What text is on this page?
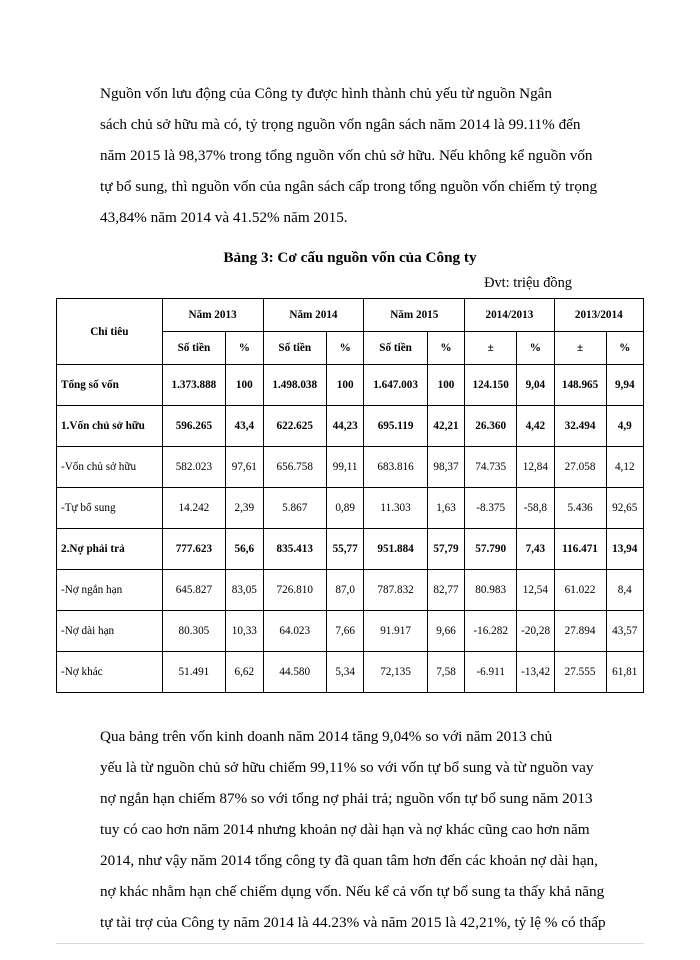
Nguồn vốn lưu động của Công ty được hình thành chủ yếu từ nguồn Ngân
sách chủ sở hữu mà có, tỷ trọng nguồn vốn ngân sách năm 2014 là 99.11% đến
năm 2015 là 98,37% trong tổng nguồn vốn chủ sở hữu. Nếu không kể nguồn vốn
tự bổ sung, thì nguồn vốn của ngân sách cấp trong tổng nguồn vốn chiếm tỷ trọng
43,84% năm 2014 và 41.52% năm 2015.
Bảng 3: Cơ cấu nguồn vốn của Công ty
Đvt: triệu đồng
Chỉ tiêu	Năm 2013		Năm 2014		Năm 2015		2014/2013		2013/2014	
	Số tiền	%	Số tiền	%	Số tiền	%	±	%	±	%
Tổng số vốn	1.373.888	100	1.498.038	100	1.647.003	100	124.150	9,04	148.965	9,94
1.Vốn chủ sở hữu	596.265	43,4	622.625	44,23	695.119	42,21	26.360	4,42	32.494	4,9
-Vốn chủ sở hữu	582.023	97,61	656.758	99,11	683.816	98,37	74.735	12,84	27.058	4,12
-Tự bổ sung	14.242	2,39	5.867	0,89	11.303	1,63	-8.375	-58,8	5.436	92,65
2.Nợ phải trả	777.623	56,6	835.413	55,77	951.884	57,79	57.790	7,43	116.471	13,94
-Nợ ngắn hạn	645.827	83,05	726.810	87,0	787.832	82,77	80.983	12,54	61.022	8,4
-Nợ dài hạn	80.305	10,33	64.023	7,66	91.917	9,66	-16.282	-20,28	27.894	43,57
-Nợ khác	51.491	6,62	44.580	5,34	72,135	7,58	-6.911	-13,42	27.555	61,81
Qua bảng trên vốn kinh doanh năm 2014 tăng 9,04% so với năm 2013 chủ
yếu là từ nguồn chủ sở hữu chiếm 99,11% so với vốn tự bổ sung và từ nguồn vay
nợ ngắn hạn chiếm 87% so với tổng nợ phải trả; nguồn vốn tự bổ sung năm 2013
tuy có cao hơn năm 2014 nhưng khoản nợ dài hạn và nợ khác cũng cao hơn năm
2014, như vậy năm 2014 tổng công ty đã quan tâm hơn đến các khoản nợ dài hạn,
nợ khác nhằm hạn chế chiếm dụng vốn. Nếu kể cả vốn tự bổ sung ta thấy khả năng
tự tài trợ của Công ty năm 2014 là 44.23% và năm 2015 là 42,21%, tỷ lệ % có thấp
